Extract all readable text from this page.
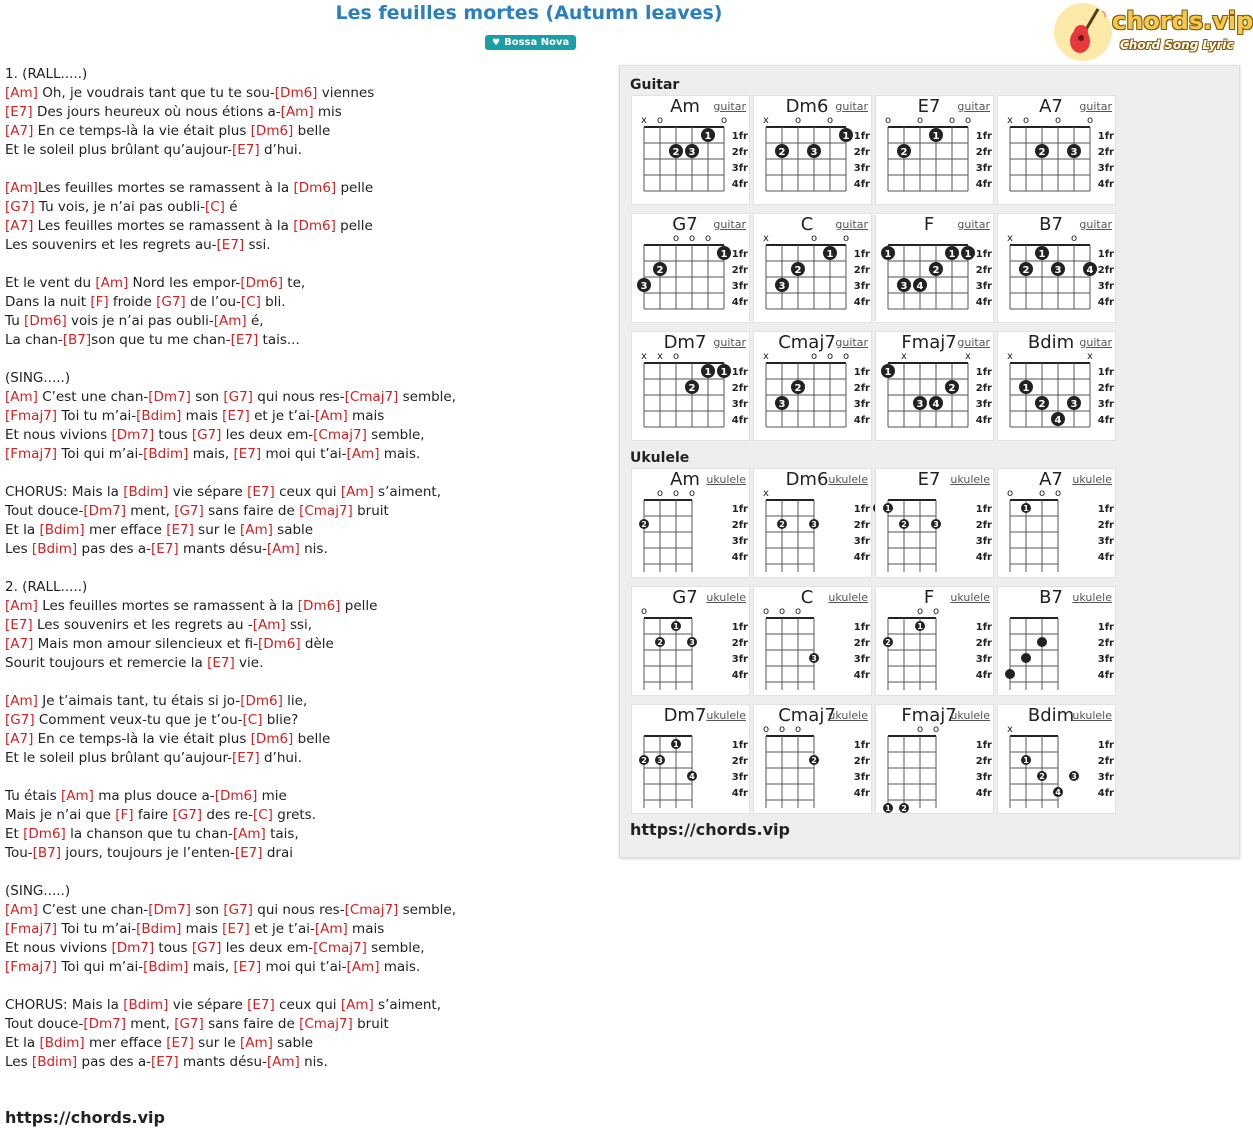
Les feuilles mortes (Autumn leaves)
♥ Bossa Nova
chords.vip
Chord Song Lyric
1. (RALL.....)
[Am] Oh, je voudrais tant que tu te sou-[Dm6] viennes
[E7] Des jours heureux où nous étions a-[Am] mis
[A7] En ce temps-là la vie était plus [Dm6] belle
Et le soleil plus brûlant qu’aujour-[E7] d’hui.
[Am]Les feuilles mortes se ramassent à la [Dm6] pelle
[G7] Tu vois, je n’ai pas oubli-[C] é
[A7] Les feuilles mortes se ramassent à la [Dm6] pelle
Les souvenirs et les regrets au-[E7] ssi.
Et le vent du [Am] Nord les empor-[Dm6] te,
Dans la nuit [F] froide [G7] de l’ou-[C] bli.
Tu [Dm6] vois je n’ai pas oubli-[Am] é,
La chan-[B7]son que tu me chan-[E7] tais...
(SING.....)
[Am] C’est une chan-[Dm7] son [G7] qui nous res-[Cmaj7] semble,
[Fmaj7] Toi tu m’ai-[Bdim] mais [E7] et je t’ai-[Am] mais
Et nous vivions [Dm7] tous [G7] les deux em-[Cmaj7] semble,
[Fmaj7] Toi qui m’ai-[Bdim] mais, [E7] moi qui t’ai-[Am] mais.
CHORUS: Mais la [Bdim] vie sépare [E7] ceux qui [Am] s’aiment,
Tout douce-[Dm7] ment, [G7] sans faire de [Cmaj7] bruit
Et la [Bdim] mer efface [E7] sur le [Am] sable
Les [Bdim] pas des a-[E7] mants désu-[Am] nis.
2. (RALL.....)
[Am] Les feuilles mortes se ramassent à la [Dm6] pelle
[E7] Les souvenirs et les regrets au -[Am] ssi,
[A7] Mais mon amour silencieux et fi-[Dm6] dèle
Sourit toujours et remercie la [E7] vie.
[Am] Je t’aimais tant, tu étais si jo-[Dm6] lie,
[G7] Comment veux-tu que je t’ou-[C] blie?
[A7] En ce temps-là la vie était plus [Dm6] belle
Et le soleil plus brûlant qu’aujour-[E7] d’hui.
Tu étais [Am] ma plus douce a-[Dm6] mie
Mais je n’ai que [F] faire [G7] des re-[C] grets.
Et [Dm6] la chanson que tu chan-[Am] tais,
Tou-[B7] jours, toujours je l’enten-[E7] drai
(SING.....)
[Am] C’est une chan-[Dm7] son [G7] qui nous res-[Cmaj7] semble,
[Fmaj7] Toi tu m’ai-[Bdim] mais [E7] et je t’ai-[Am] mais
Et nous vivions [Dm7] tous [G7] les deux em-[Cmaj7] semble,
[Fmaj7] Toi qui m’ai-[Bdim] mais, [E7] moi qui t’ai-[Am] mais.
CHORUS: Mais la [Bdim] vie sépare [E7] ceux qui [Am] s’aiment,
Tout douce-[Dm7] ment, [G7] sans faire de [Cmaj7] bruit
Et la [Bdim] mer efface [E7] sur le [Am] sable
Les [Bdim] pas des a-[E7] mants désu-[Am] nis.
https://chords.vip
Guitar
Ukulele
https://chords.vip
Am	guitar
1fr
2fr
3fr
4fr
x o	o
2 3
1
Dm6 guitar
1fr
2fr
3fr
4fr
x	o	o
2	3
1
E7	guitar
1fr
2fr
3fr
4fr
o	o	o o
2
1
A7	guitar
1fr
2fr
3fr
4fr
x o	o	o
2	3
G7	guitar
1fr
2fr
3fr
4fr
o o o
3
2
1
C	guitar
1fr
2fr
3fr
4fr
x	o	o
3
2
1
F	guitar
1fr
2fr
3fr
4fr
1
3 4
2
1 1
B7	guitar
1fr
2fr
3fr
4fr
x	o
2
1
3	4
Dm7 guitar
1fr
2fr
3fr
4fr
x x o
2
1 1
Cmaj7 guitar
1fr
2fr
3fr
4fr
x	o o o
3
2
Fmaj7 guitar
1fr
2fr
3fr
4fr
x	x
1
3 4
2
Bdim guitar
1fr
2fr
3fr
4fr
x	x
1
2
4
3
Am ukulele
1fr
2fr
3fr
4fr
o o o
2
Dm6 ukulele
1fr
2fr
3fr
4fr
x
2	3
E7 ukulele
1fr
2fr
3fr
4fr
1
2	3
A7 ukulele
1fr
2fr
3fr
4fr
o	o o
1
G7 ukulele
1fr
2fr
3fr
4fr
o
2
1
3
C	ukulele
1fr
2fr
3fr
4fr
o o o
3
F	ukulele
1fr
2fr
3fr
4fr
o o
2
1
B7 ukulele
1fr
2fr
3fr
4fr
Dm7 ukulele
1fr
2fr
3fr
4fr
2 3
1
4
Cmaj7
ukulele
1fr
2fr
3fr
4fr
o o o
2
Fmaj7
ukulele
1fr
2fr
3fr
4fr
o o
1 2
Bdim
ukulele
1fr
2fr
3fr
4fr
x
1
2
4
3
